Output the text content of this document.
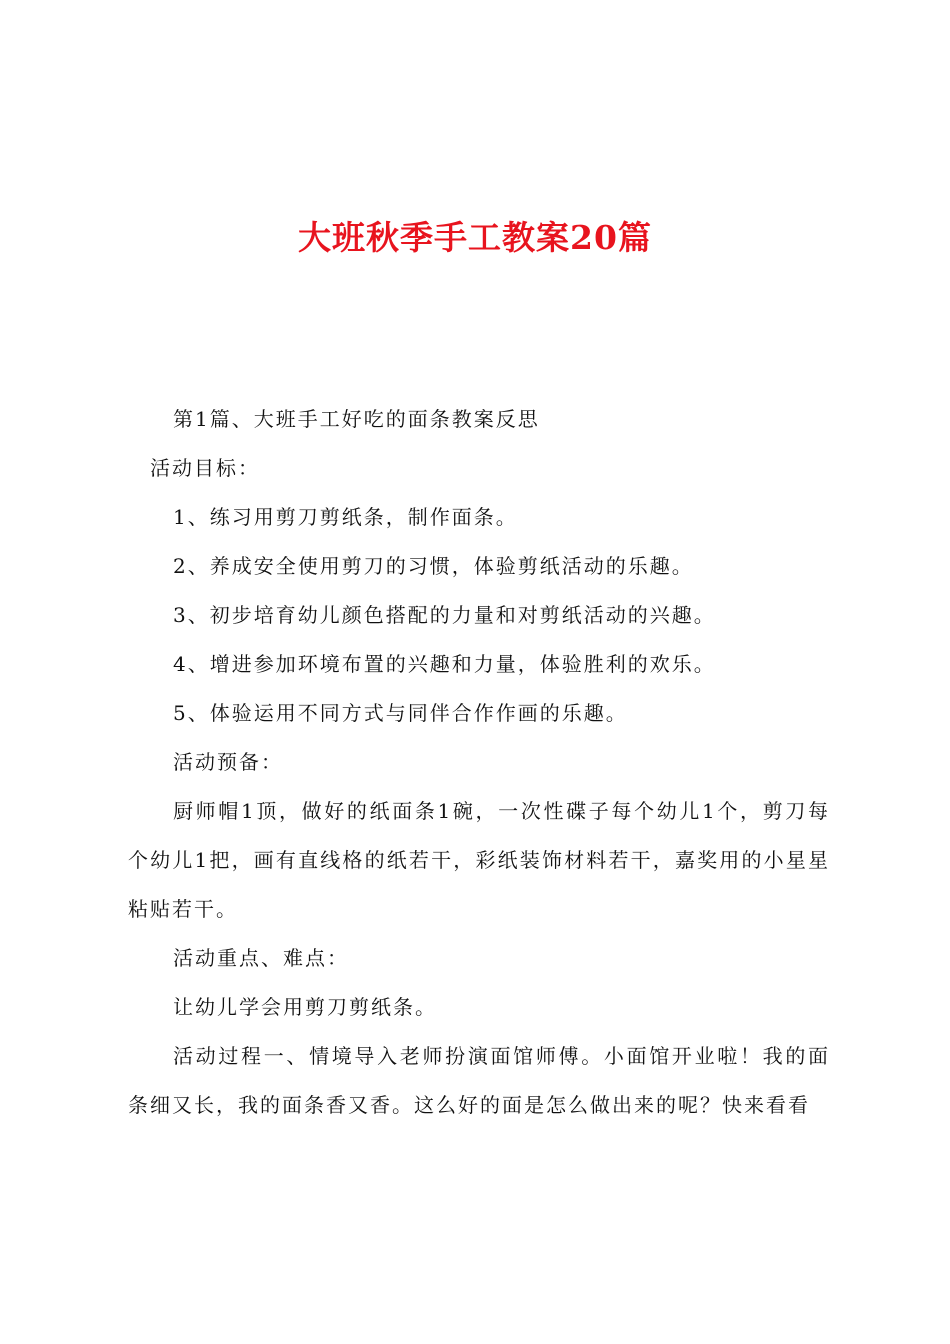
大班秋季手工教案20篇

第1篇、大班手工好吃的面条教案反思

活动目标：

1、练习用剪刀剪纸条，制作面条。

2、养成安全使用剪刀的习惯，体验剪纸活动的乐趣。

3、初步培育幼儿颜色搭配的力量和对剪纸活动的兴趣。

4、增进参加环境布置的兴趣和力量，体验胜利的欢乐。

5、体验运用不同方式与同伴合作作画的乐趣。

活动预备：

厨师帽1顶，做好的纸面条1碗，一次性碟子每个幼儿1个，剪刀每个幼儿1把，画有直线格的纸若干，彩纸装饰材料若干，嘉奖用的小星星粘贴若干。

活动重点、难点：

让幼儿学会用剪刀剪纸条。

活动过程一、情境导入老师扮演面馆师傅。小面馆开业啦！我的面条细又长，我的面条香又香。这么好的面是怎么做出来的呢？快来看看
